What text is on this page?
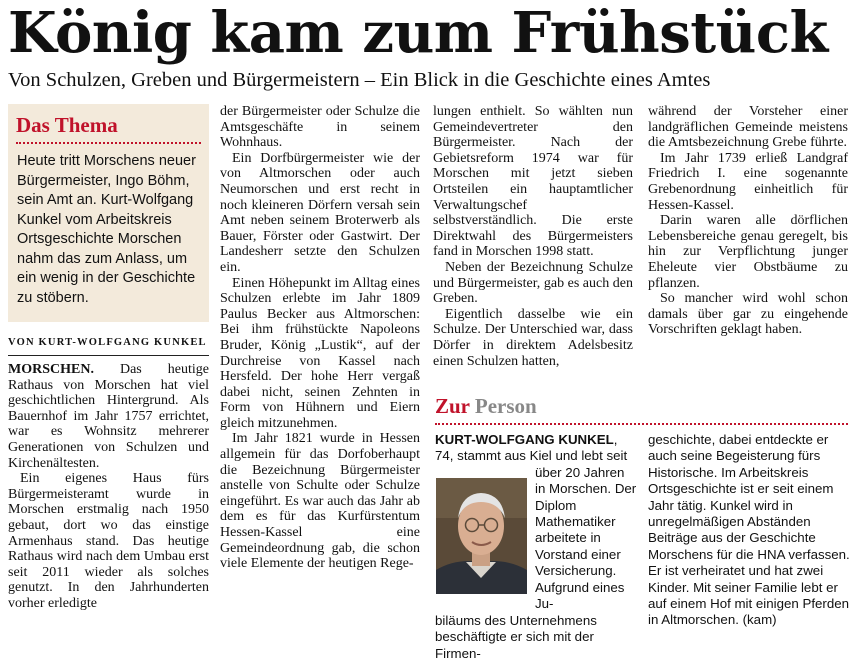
König kam zum Frühstück
Von Schulzen, Greben und Bürgermeistern – Ein Blick in die Geschichte eines Amtes
Das Thema
Heute tritt Morschens neuer Bürgermeister, Ingo Böhm, sein Amt an. Kurt-Wolfgang Kunkel vom Arbeitskreis Ortsgeschichte Morschen nahm das zum Anlass, um ein wenig in der Geschichte zu stöbern.
VON KURT-WOLFGANG KUNKEL

MORSCHEN. Das heutige Rathaus von Morschen hat viel geschichtlichen Hintergrund. Als Bauernhof im Jahr 1757 errichtet, war es Wohnsitz mehrerer Generationen von Schulzen und Kirchenältesten.

Ein eigenes Haus fürs Bürgermeisteramt wurde in Morschen erstmalig nach 1950 gebaut, dort wo das einstige Armenhaus stand. Das heutige Rathaus wird nach dem Umbau erst seit 2011 wieder als solches genutzt. In den Jahrhunderten vorher erledigte

der Bürgermeister oder Schulze die Amtsgeschäfte in seinem Wohnhaus.

Ein Dorfbürgermeister wie der von Altmorschen oder auch Neumorschen und erst recht in noch kleineren Dörfern versah sein Amt neben seinem Broterwerb als Bauer, Förster oder Gastwirt. Der Landesherr setzte den Schulzen ein.

Einen Höhepunkt im Alltag eines Schulzen erlebte im Jahr 1809 Paulus Becker aus Altmorschen: Bei ihm frühstückte Napoleons Bruder, König „Lustik“, auf der Durchreise von Kassel nach Hersfeld. Der hohe Herr vergaß dabei nicht, seinen Zehnten in Form von Hühnern und Eiern gleich mitzunehmen.

Im Jahr 1821 wurde in Hessen allgemein für das Dorfoberhaupt die Bezeichnung Bürgermeister anstelle von Schulte oder Schulze eingeführt. Es war auch das Jahr ab dem es für das Kurfürstentum Hessen-Kassel eine Gemeindeordnung gab, die schon viele Elemente der heutigen Rege-

lungen enthielt. So wählten nun Gemeindevertreter den Bürgermeister. Nach der Gebietsreform 1974 war für Morschen mit jetzt sieben Ortsteilen ein hauptamtlicher Verwaltungschef selbstverständlich. Die erste Direktwahl des Bürgermeisters fand in Morschen 1998 statt.

Neben der Bezeichnung Schulze und Bürgermeister, gab es auch den Greben.

Eigentlich dasselbe wie ein Schulze. Der Unterschied war, dass Dörfer in direktem Adelsbesitz einen Schulzen hatten,

während der Vorsteher einer landgräflichen Gemeinde meistens die Amtsbezeichnung Grebe führte.

Im Jahr 1739 erließ Landgraf Friedrich I. eine sogenannte Grebenordnung einheitlich für Hessen-Kassel.

Darin waren alle dörflichen Lebensbereiche genau geregelt, bis hin zur Verpflichtung junger Eheleute vier Obstbäume zu pflanzen.

So mancher wird wohl schon damals über gar zu eingehende Vorschriften geklagt haben.

Zur Person
KURT-WOLFGANG KUNKEL, 74, stammt aus Kiel und lebt seit
über 20 Jahren in Morschen. Der Diplom Mathematiker arbeitete in Vorstand einer Versicherung. Aufgrund eines Ju-
biläums des Unternehmens beschäftigte er sich mit der Firmen-
geschichte, dabei entdeckte er auch seine Begeisterung fürs Historische. Im Arbeitskreis Ortsgeschichte ist er seit einem Jahr tätig. Kunkel wird in unregelmäßigen Abständen Beiträge aus der Geschichte Morschens für die HNA verfassen. Er ist verheiratet und hat zwei Kinder. Mit seiner Familie lebt er auf einem Hof mit einigen Pferden in Altmorschen. (kam)
